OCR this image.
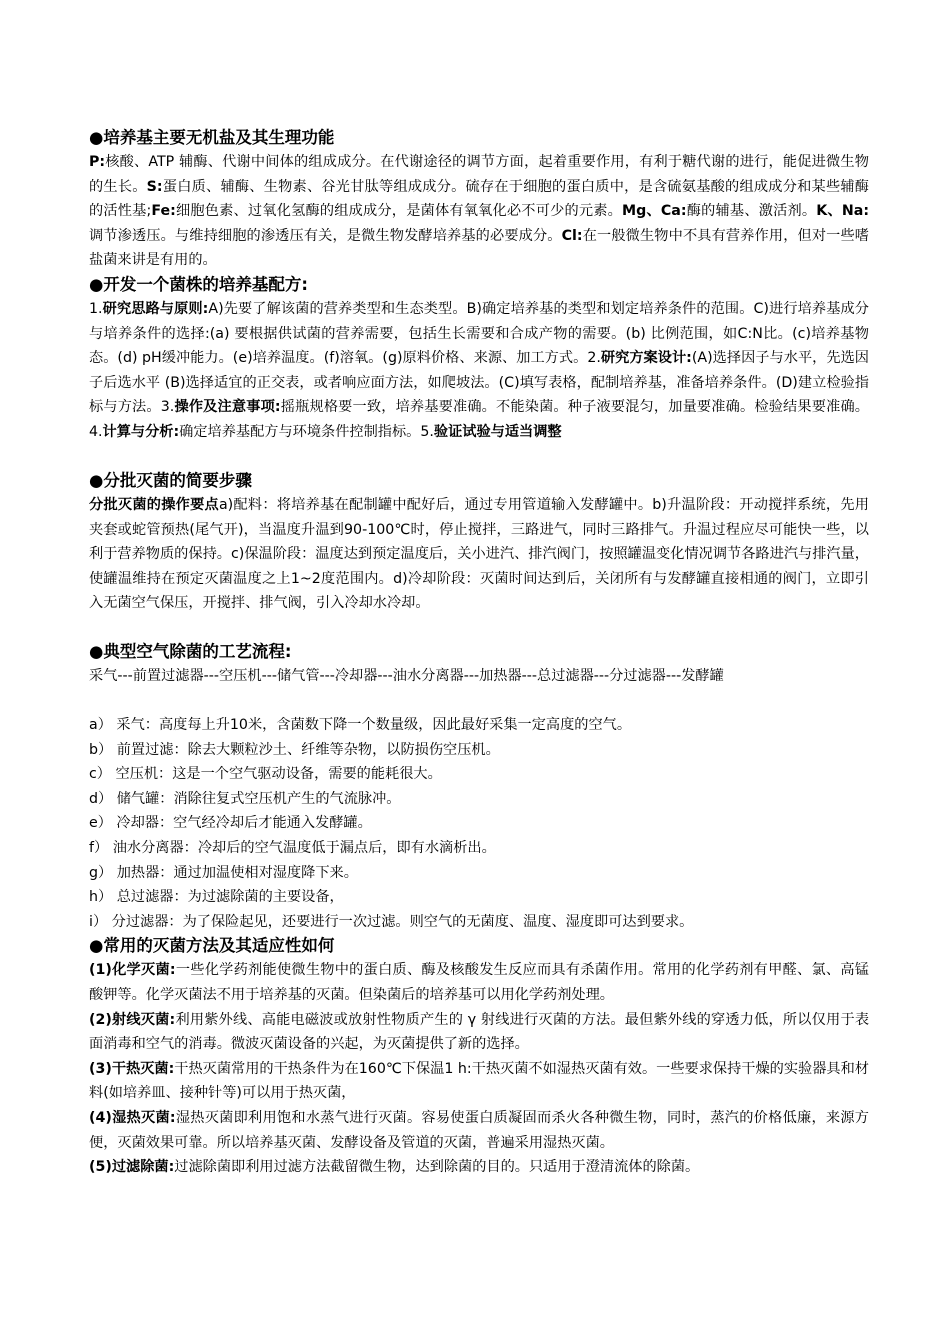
●培养基主要无机盐及其生理功能

P:核酸、ATP 辅酶、代谢中间体的组成成分。在代谢途径的调节方面，起着重要作用，有利于糖代谢的进行，能促进微生物的生长。S:蛋白质、辅酶、生物素、谷光甘肽等组成成分。硫存在于细胞的蛋白质中，是含硫氨基酸的组成成分和某些辅酶的活性基;Fe:细胞色素、过氧化氢酶的组成成分，是菌体有氧氧化必不可少的元素。Mg、Ca:酶的辅基、激活剂。K、Na:调节渗透压。与维持细胞的渗透压有关，是微生物发酵培养基的必要成分。Cl:在一般微生物中不具有营养作用，但对一些嗜盐菌来讲是有用的。

●开发一个菌株的培养基配方:

1.研究思路与原则:A)先要了解该菌的营养类型和生态类型。B)确定培养基的类型和划定培养条件的范围。C)进行培养基成分与培养条件的选择:(a) 要根据供试菌的营养需要，包括生长需要和合成产物的需要。(b) 比例范围，如C:N比。(c)培养基物态。(d) pH缓冲能力。(e)培养温度。(f)溶氧。(g)原料价格、来源、加工方式。2.研究方案设计:(A)选择因子与水平，先选因子后选水平 (B)选择适宜的正交表，或者响应面方法，如爬坡法。(C)填写表格，配制培养基，准备培养条件。(D)建立检验指标与方法。3.操作及注意事项:摇瓶规格要一致，培养基要准确。不能染菌。种子液要混匀，加量要准确。检验结果要准确。4.计算与分析:确定培养基配方与环境条件控制指标。5.验证试验与适当调整

●分批灭菌的简要步骤

分批灭菌的操作要点a)配料：将培养基在配制罐中配好后，通过专用管道输入发酵罐中。b)升温阶段：开动搅拌系统，先用夹套或蛇管预热(尾气开)，当温度升温到90-100℃时，停止搅拌，三路进气，同时三路排气。升温过程应尽可能快一些，以利于营养物质的保持。c)保温阶段：温度达到预定温度后，关小进汽、排汽阀门，按照罐温变化情况调节各路进汽与排汽量，使罐温维持在预定灭菌温度之上1~2度范围内。d)冷却阶段：灭菌时间达到后，关闭所有与发酵罐直接相通的阀门，立即引入无菌空气保压，开搅拌、排气阀，引入冷却水冷却。

●典型空气除菌的工艺流程:

采气---前置过滤器---空压机---储气管---冷却器---油水分离器---加热器---总过滤器---分过滤器---发酵罐

a） 采气：高度每上升10米，含菌数下降一个数量级，因此最好采集一定高度的空气。

b） 前置过滤：除去大颗粒沙土、纤维等杂物，以防损伤空压机。

c） 空压机：这是一个空气驱动设备，需要的能耗很大。

d） 储气罐：消除往复式空压机产生的气流脉冲。

e） 冷却器：空气经冷却后才能通入发酵罐。

f） 油水分离器：冷却后的空气温度低于漏点后，即有水滴析出。

g） 加热器：通过加温使相对湿度降下来。

h） 总过滤器：为过滤除菌的主要设备，

i） 分过滤器：为了保险起见，还要进行一次过滤。则空气的无菌度、温度、湿度即可达到要求。

●常用的灭菌方法及其适应性如何

(1)化学灭菌:一些化学药剂能使微生物中的蛋白质、酶及核酸发生反应而具有杀菌作用。常用的化学药剂有甲醛、氯、高锰酸钾等。化学灭菌法不用于培养基的灭菌。但染菌后的培养基可以用化学药剂处理。

(2)射线灭菌:利用紫外线、高能电磁波或放射性物质产生的 γ 射线进行灭菌的方法。最但紫外线的穿透力低，所以仅用于表面消毒和空气的消毒。微波灭菌设备的兴起，为灭菌提供了新的选择。

(3)干热灭菌:干热灭菌常用的干热条件为在160℃下保温1 h:干热灭菌不如湿热灭菌有效。一些要求保持干燥的实验器具和材料(如培养皿、接种针等)可以用于热灭菌，

(4)湿热灭菌:湿热灭菌即利用饱和水蒸气进行灭菌。容易使蛋白质凝固而杀火各种微生物，同时，蒸汽的价格低廉，来源方便，灭菌效果可靠。所以培养基灭菌、发酵设备及管道的灭菌，普遍采用湿热灭菌。

(5)过滤除菌:过滤除菌即利用过滤方法截留微生物，达到除菌的目的。只适用于澄清流体的除菌。
